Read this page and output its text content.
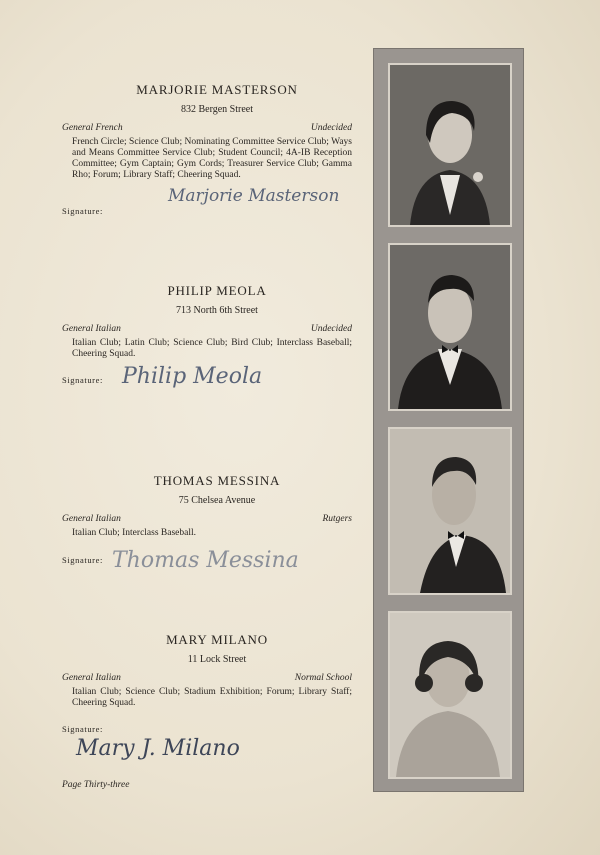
MARJORIE MASTERSON
832 Bergen Street
General French	Undecided
French Circle; Science Club; Nominating Committee Service Club; Ways and Means Committee Service Club; Student Council; 4A-IB Reception Committee; Gym Captain; Gym Cords; Treasurer Service Club; Gamma Rho; Forum; Library Staff; Cheering Squad.
Signature:
Marjorie Masterson
PHILIP MEOLA
713 North 6th Street
General Italian	Undecided
Italian Club; Latin Club; Science Club; Bird Club; Interclass Baseball; Cheering Squad.
Signature: Philip Meola
THOMAS MESSINA
75 Chelsea Avenue
General Italian	Rutgers
Italian Club; Interclass Baseball.
Signature: Thomas Messina
MARY MILANO
11 Lock Street
General Italian	Normal School
Italian Club; Science Club; Stadium Exhibition; Forum; Library Staff; Cheering Squad.
Signature:
Mary J. Milano
Page Thirty-three
